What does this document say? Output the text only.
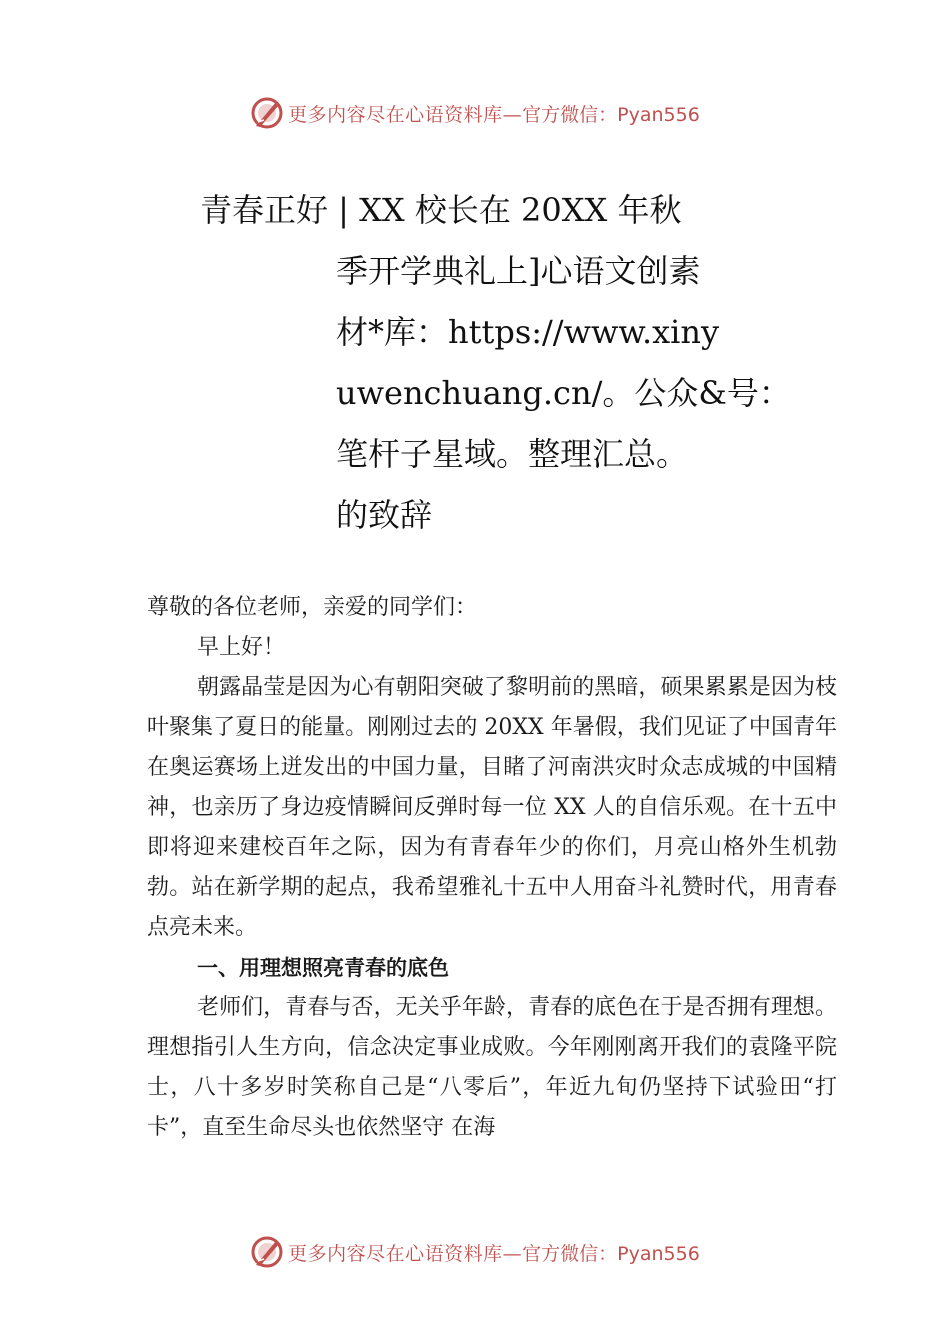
更多内容尽在心语资料库— 官方微信：Pyan556
青春正好 | XX 校长在 20XX 年秋
季开学典礼上]心语文创素
材*库：https://www.xiny
uwenchuang.cn/。公众&号：
笔杆子星域。整理汇总。
的致辞

尊敬的各位老师，亲爱的同学们：

早上好！

朝露晶莹是因为心有朝阳突破了黎明前的黑暗，硕果累累是因为枝叶聚集了夏日的能量。刚刚过去的 20XX 年暑假，我们见证了中国青年在奥运赛场上迸发出的中国力量，目睹了河南洪灾时众志成城的中国精神，也亲历了身边疫情瞬间反弹时每一位 XX 人的自信乐观。在十五中即将迎来建校百年之际，因为有青春年少的你们，月亮山格外生机勃勃。站在新学期的起点，我希望雅礼十五中人用奋斗礼赞时代，用青春点亮未来。

一、用理想照亮青春的底色

老师们，青春与否，无关乎年龄，青春的底色在于是否拥有理想。理想指引人生方向，信念决定事业成败。今年刚刚离开我们的袁隆平院士，八十多岁时笑称自己是“八零后”，年近九旬仍坚持下试验田“打卡”，直至生命尽头也依然坚守 在海

更多内容尽在心语资料库— 官方微信：Pyan556
